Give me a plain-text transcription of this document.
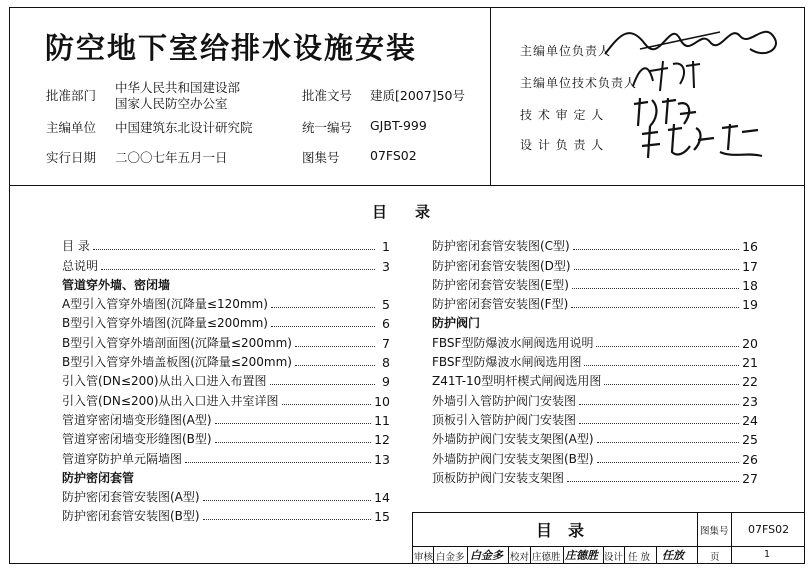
防空地下室给排水设施安装
批准部门
中华人民共和国建设部
国家人民防空办公室
批准文号 建质[2007]50号
主编单位 中国建筑东北设计研究院	统一编号 GJBT-999
实行日期 二〇〇七年五月一日	图集号 07FS02
主编单位负责人
主编单位技术负责人
技 术 审 定 人
设 计 负 责 人
目录
目 录	1
总说明	3
管道穿外墙、密闭墙
A型引入管穿外墙图(沉降量≤120mm)	5
B型引入管穿外墙图(沉降量≤200mm)	6
B型引入管穿外墙剖面图(沉降量≤200mm)	7
B型引入管穿外墙盖板图(沉降量≤200mm)	8
引入管(DN≤200)从出入口进入布置图	9
引入管(DN≤200)从出入口进入井室详图	10
管道穿密闭墙变形缝图(A型)	11
管道穿密闭墙变形缝图(B型)	12
管道穿防护单元隔墙图	13
防护密闭套管
防护密闭套管安装图(A型)	14
防护密闭套管安装图(B型)	15
防护密闭套管安装图(C型)	16
防护密闭套管安装图(D型)	17
防护密闭套管安装图(E型)	18
防护密闭套管安装图(F型)	19
防护阀门
FBSF型防爆波水闸阀选用说明	20
FBSF型防爆波水闸阀选用图	21
Z41T-10型明杆楔式闸阀选用图	22
外墙引入管防护阀门安装图	23
顶板引入管防护阀门安装图	24
外墙防护阀门安装支架图(A型)	25
外墙防护阀门安装支架图(B型)	26
顶板防护阀门安装支架图	27
目录	图集号 07FS02
审核 白金多 白金多 校对 庄德胜 庄德胜 设计 任 放 任放	页	1
